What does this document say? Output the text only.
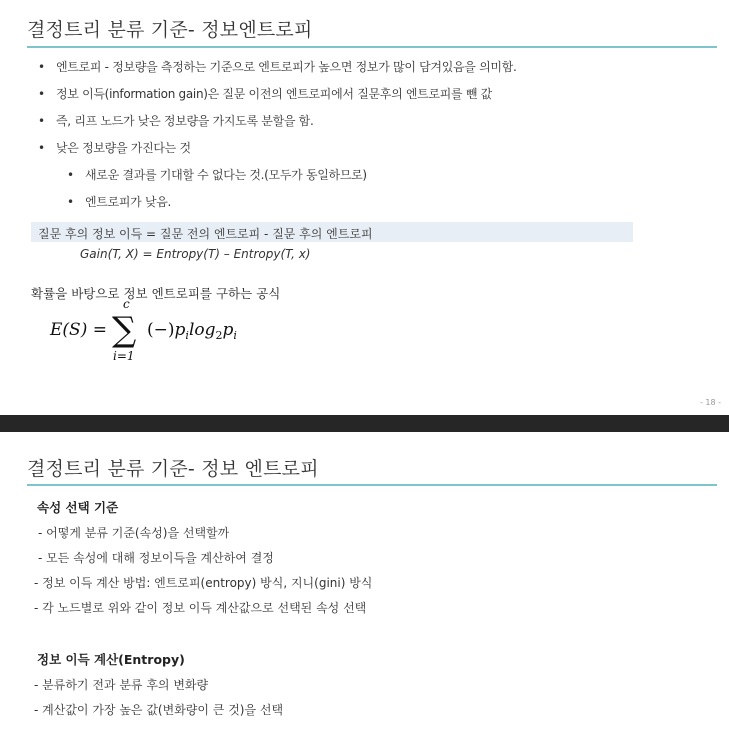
결정트리 분류 기준- 정보엔트로피
• 엔트로피 - 정보량을 측정하는 기준으로 엔트로피가 높으면 정보가 많이 담겨있음을 의미함.
• 정보 이득(information gain)은 질문 이전의 엔트로피에서 질문후의 엔트로피를 뺀 값
• 즉, 리프 노드가 낮은 정보량을 가지도록 분할을 함.
• 낮은 정보량을 가진다는 것
• 새로운 결과를 기대할 수 없다는 것.(모두가 동일하므로)
• 엔트로피가 낮음.
질문 후의 정보 이득 = 질문 전의 엔트로피 - 질문 후의 엔트로피
Gain(T, X) = Entropy(T) – Entropy(T, x)
확률을 바탕으로 정보 엔트로피를 구하는 공식
E(S) =
c
∑
i=1
$(-)p_i\log_2p_i$
- 18 -
결정트리 분류 기준- 정보 엔트로피
속성 선택 기준
- 어떻게 분류 기준(속성)을 선택할까
- 모든 속성에 대해 정보이득을 계산하여 결정
- 정보 이득 계산 방법: 엔트로피(entropy) 방식, 지니(gini) 방식
- 각 노드별로 위와 같이 정보 이득 계산값으로 선택된 속성 선택
정보 이득 계산(Entropy)
- 분류하기 전과 분류 후의 변화량
- 계산값이 가장 높은 값(변화량이 큰 것)을 선택
